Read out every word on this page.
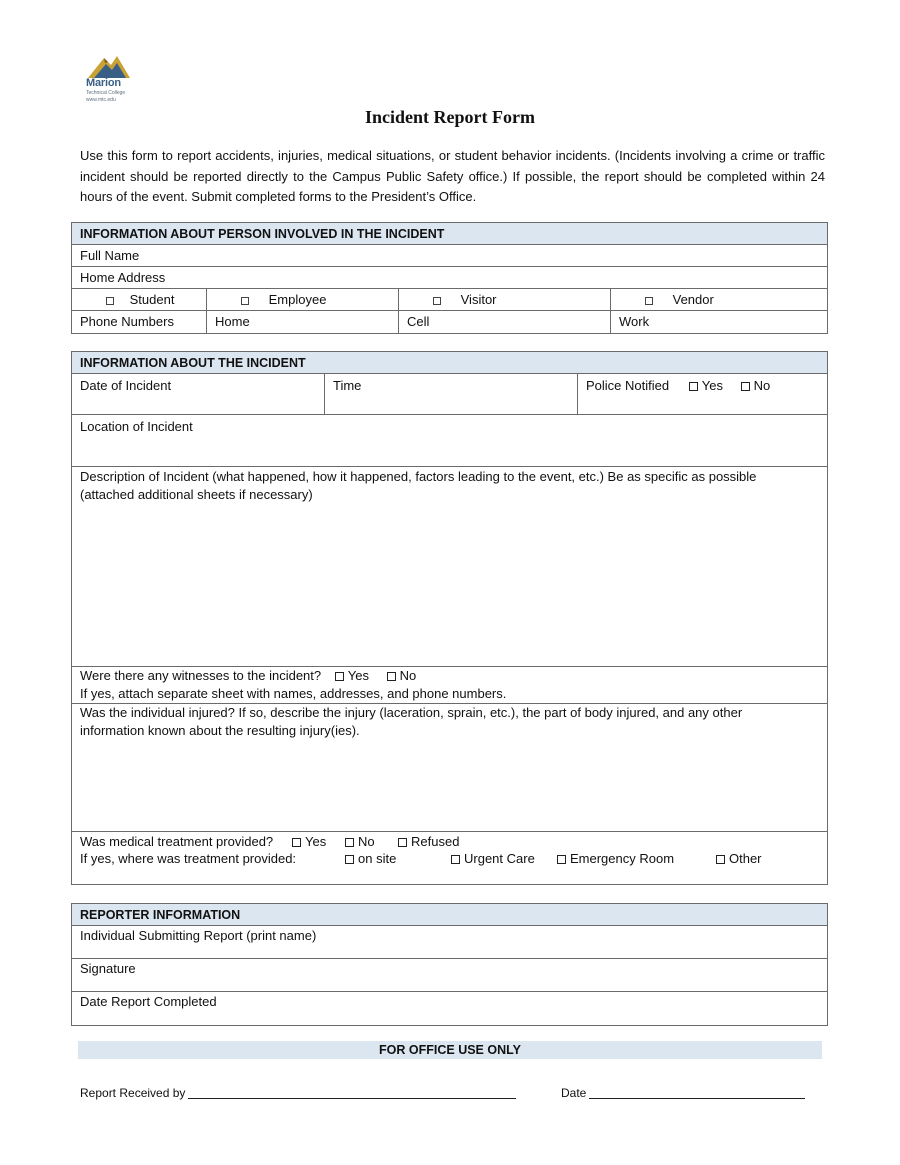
Marion
Technical College
www.mtc.edu
Incident Report Form
Use this form to report accidents, injuries, medical situations, or student behavior incidents. (Incidents involving a crime or traffic incident should be reported directly to the Campus Public Safety office.) If possible, the report should be completed within 24 hours of the event. Submit completed forms to the President’s Office.
INFORMATION ABOUT PERSON INVOLVED IN THE INCIDENT
Full Name
Home Address
Student	Employee	Visitor	Vendor
Phone Numbers	Home	Cell	Work
INFORMATION ABOUT THE INCIDENT
Date of Incident	Time	Police Notified	Yes No
Location of Incident
Description of Incident (what happened, how it happened, factors leading to the event, etc.) Be as specific as possible
(attached additional sheets if necessary)
Were there any witnesses to the incident? Yes No
If yes, attach separate sheet with names, addresses, and phone numbers.
Was the individual injured? If so, describe the injury (laceration, sprain, etc.), the part of body injured, and any other
information known about the resulting injury(ies).
Was medical treatment provided?	Yes	No	Refused
If yes, where was treatment provided:	on site	Urgent Care	Emergency Room	Other
REPORTER INFORMATION
Individual Submitting Report (print name)
Signature
Date Report Completed
FOR OFFICE USE ONLY
Report Received by	Date
